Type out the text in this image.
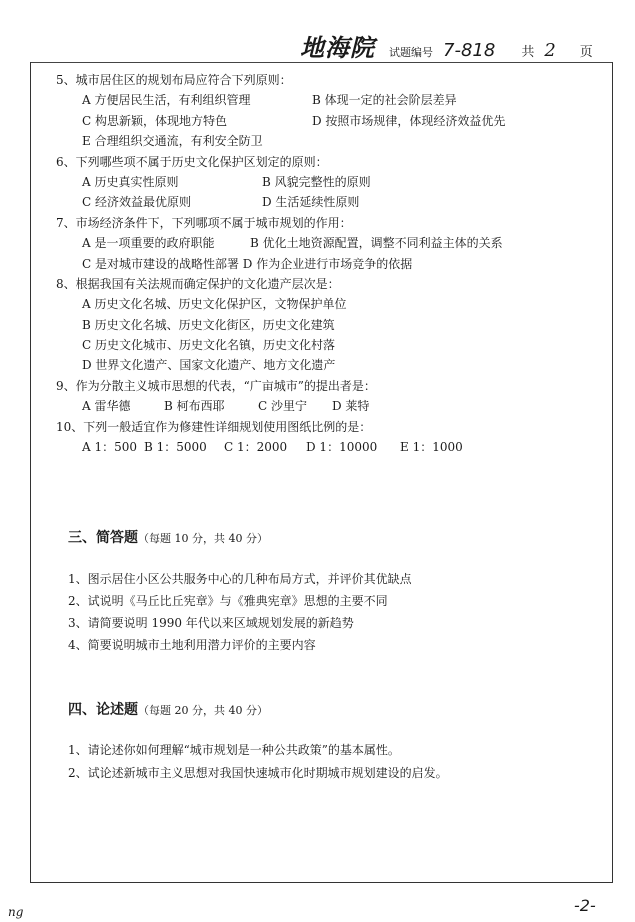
地海院 试题编号 7-818 共 2 页
5、城市居住区的规划布局应符合下列原则：
A 方便居民生活，有利组织管理	B 体现一定的社会阶层差异
C 构思新颖，体现地方特色	D 按照市场规律，体现经济效益优先
E 合理组织交通流，有利安全防卫
6、下列哪些项不属于历史文化保护区划定的原则：
A 历史真实性原则	B 风貌完整性的原则
C 经济效益最优原则	D 生活延续性原则
7、市场经济条件下，下列哪项不属于城市规划的作用：
A 是一项重要的政府职能	B 优化土地资源配置，调整不同利益主体的关系
C 是对城市建设的战略性部署 D 作为企业进行市场竞争的依据
8、根据我国有关法规而确定保护的文化遗产层次是：
A 历史文化名城、历史文化保护区，文物保护单位
B 历史文化名城、历史文化街区，历史文化建筑
C 历史文化城市、历史文化名镇，历史文化村落
D 世界文化遗产、国家文化遗产、地方文化遗产
9、作为分散主义城市思想的代表，“广亩城市”的提出者是：
A 雷华德	B 柯布西耶	C 沙里宁	D 莱特
10、下列一般适宜作为修建性详细规划使用图纸比例的是：
A 1：500 B 1：5000	C 1：2000	D 1：10000	E 1：1000
三、简答题（每题 10 分，共 40 分）
1、图示居住小区公共服务中心的几种布局方式，并评价其优缺点
2、试说明《马丘比丘宪章》与《雅典宪章》思想的主要不同
3、请简要说明 1990 年代以来区域规划发展的新趋势
4、简要说明城市土地利用潜力评价的主要内容
四、论述题（每题 20 分，共 40 分）
1、请论述你如何理解“城市规划是一种公共政策”的基本属性。
2、试论述新城市主义思想对我国快速城市化时期城市规划建设的启发。
-2-
ng
